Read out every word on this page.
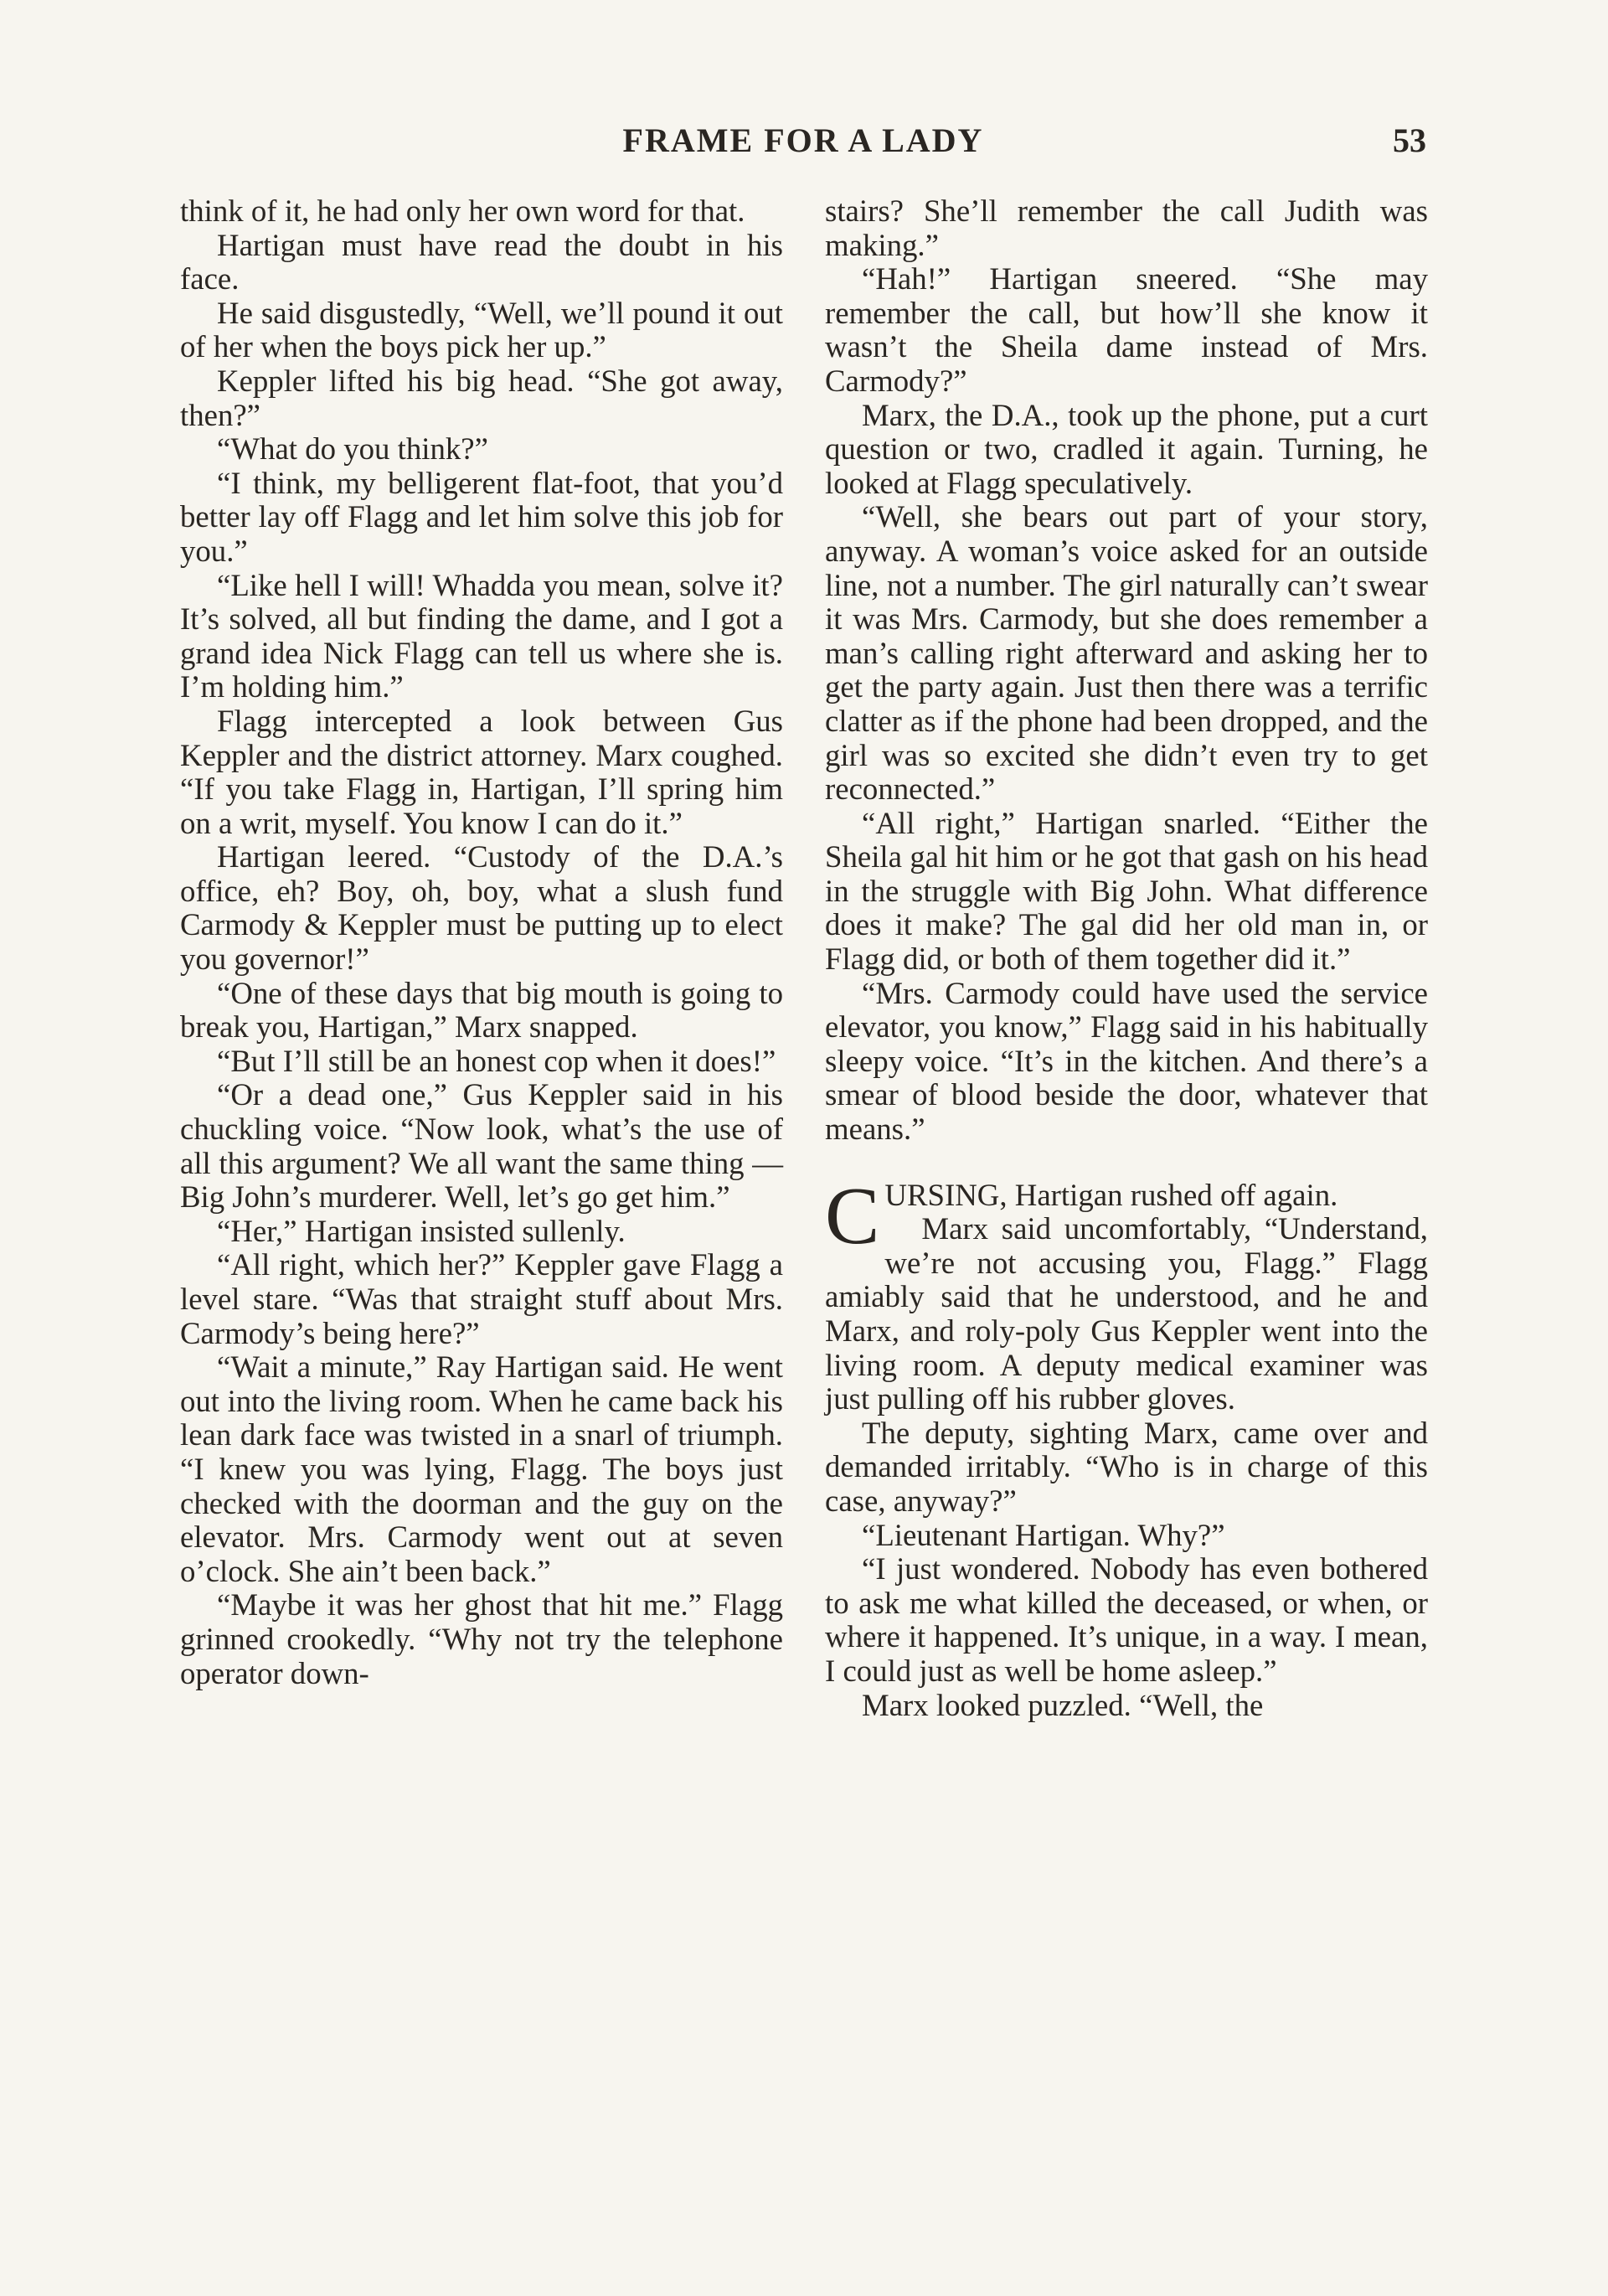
FRAME FOR A LADY	53

think of it, he had only her own word for that.

Hartigan must have read the doubt in his face.

He said disgustedly, “Well, we’ll pound it out of her when the boys pick her up.”

Keppler lifted his big head. “She got away, then?”

“What do you think?”

“I think, my belligerent flat-foot, that you’d better lay off Flagg and let him solve this job for you.”

“Like hell I will! Whadda you mean, solve it? It’s solved, all but finding the dame, and I got a grand idea Nick Flagg can tell us where she is. I’m holding him.”

Flagg intercepted a look between Gus Keppler and the district attorney. Marx coughed. “If you take Flagg in, Hartigan, I’ll spring him on a writ, myself. You know I can do it.”

Hartigan leered. “Custody of the D.A.’s office, eh? Boy, oh, boy, what a slush fund Carmody & Keppler must be putting up to elect you governor!”

“One of these days that big mouth is going to break you, Hartigan,” Marx snapped.

“But I’ll still be an honest cop when it does!”

“Or a dead one,” Gus Keppler said in his chuckling voice. “Now look, what’s the use of all this argument? We all want the same thing —Big John’s murderer. Well, let’s go get him.”

“Her,” Hartigan insisted sullenly.

“All right, which her?” Keppler gave Flagg a level stare. “Was that straight stuff about Mrs. Carmody’s being here?”

“Wait a minute,” Ray Hartigan said. He went out into the living room. When he came back his lean dark face was twisted in a snarl of triumph. “I knew you was lying, Flagg. The boys just checked with the doorman and the guy on the elevator. Mrs. Carmody went out at seven o’clock. She ain’t been back.”

“Maybe it was her ghost that hit me.” Flagg grinned crookedly. “Why not try the telephone operator down-

stairs? She’ll remember the call Judith was making.”

“Hah!” Hartigan sneered. “She may remember the call, but how’ll she know it wasn’t the Sheila dame instead of Mrs. Carmody?”

Marx, the D.A., took up the phone, put a curt question or two, cradled it again. Turning, he looked at Flagg speculatively.

“Well, she bears out part of your story, anyway. A woman’s voice asked for an outside line, not a number. The girl naturally can’t swear it was Mrs. Carmody, but she does remember a man’s calling right afterward and asking her to get the party again. Just then there was a terrific clatter as if the phone had been dropped, and the girl was so excited she didn’t even try to get reconnected.”

“All right,” Hartigan snarled. “Either the Sheila gal hit him or he got that gash on his head in the struggle with Big John. What difference does it make? The gal did her old man in, or Flagg did, or both of them together did it.”

“Mrs. Carmody could have used the service elevator, you know,” Flagg said in his habitually sleepy voice. “It’s in the kitchen. And there’s a smear of blood beside the door, whatever that means.”

CURSING, Hartigan rushed off again.

Marx said uncomfortably, “Understand, we’re not accusing you, Flagg.” Flagg amiably said that he understood, and he and Marx, and roly-poly Gus Keppler went into the living room. A deputy medical examiner was just pulling off his rubber gloves.

The deputy, sighting Marx, came over and demanded irritably. “Who is in charge of this case, anyway?”

“Lieutenant Hartigan. Why?”

“I just wondered. Nobody has even bothered to ask me what killed the deceased, or when, or where it happened. It’s unique, in a way. I mean, I could just as well be home asleep.”

Marx looked puzzled. “Well, the
